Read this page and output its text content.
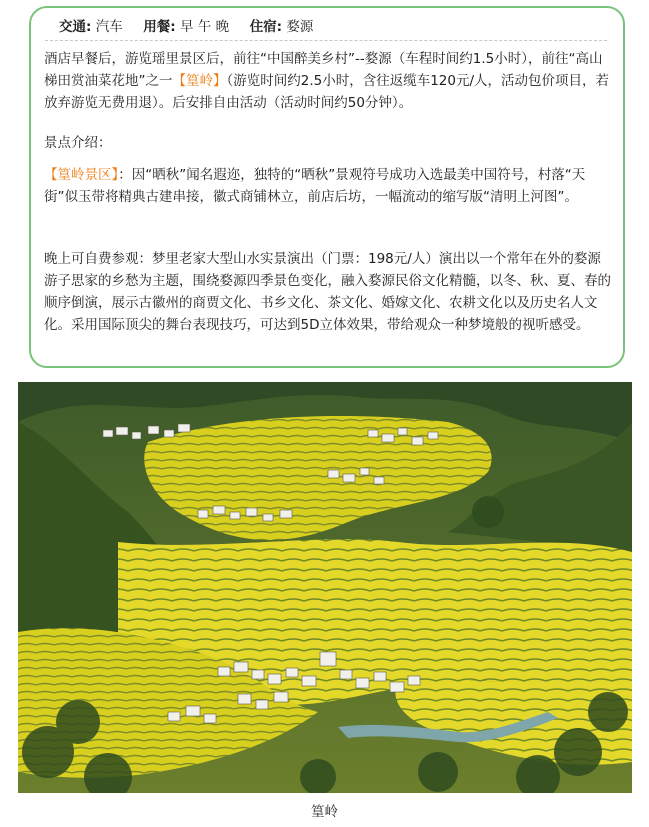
交通: 汽车 用餐: 早 午 晚 住宿: 婺源
酒店早餐后，游览瑶里景区后，前往“中国醉美乡村”--婺源（车程时间约1.5小时），前往“高山梯田赏油菜花地”之一【篁岭】（游览时间约2.5小时，含往返缆车120元/人，活动包价项目，若放弃游览无费用退）。后安排自由活动（活动时间约50分钟）。
景点介绍：
【篁岭景区】：因“晒秋”闻名遐迩，独特的“晒秋”景观符号成功入选最美中国符号，村落“天街”似玉带将精典古建串接，徽式商铺林立，前店后坊，一幅流动的缩写版“清明上河图”。
晚上可自费参观：梦里老家大型山水实景演出（门票：198元/人）演出以一个常年在外的婺源游子思家的乡愁为主题，围绕婺源四季景色变化，融入婺源民俗文化精髓，以冬、秋、夏、春的顺序倒演，展示古徽州的商贾文化、书乡文化、茶文化、婚嫁文化、农耕文化以及历史名人文化。采用国际顶尖的舞台表现技巧，可达到5D立体效果，带给观众一种梦境般的视听感受。
篁岭
